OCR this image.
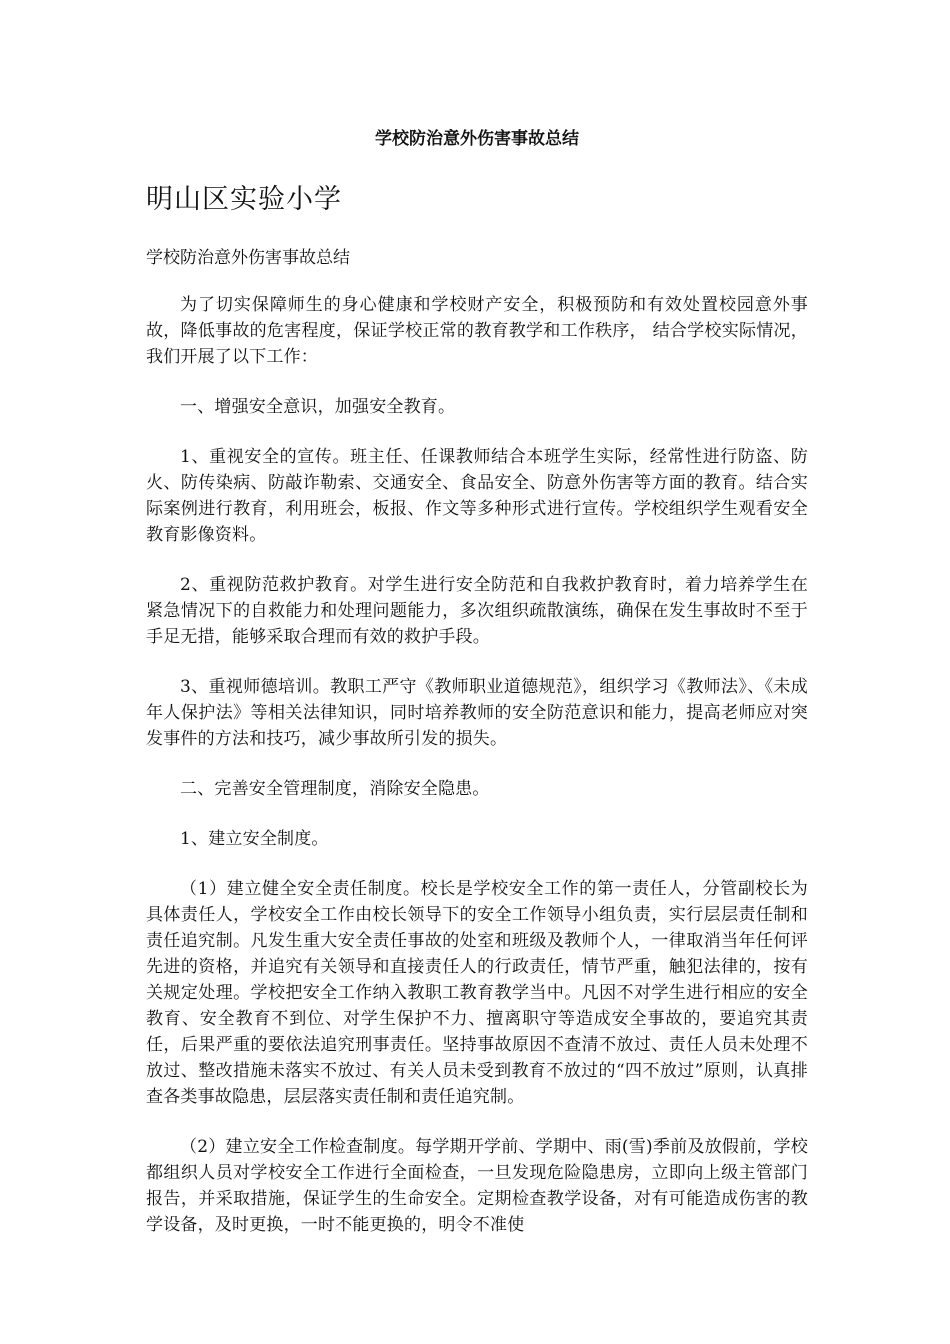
学校防治意外伤害事故总结
明山区实验小学
学校防治意外伤害事故总结

为了切实保障师生的身心健康和学校财产安全，积极预防和有效处置校园意外事故，降低事故的危害程度，保证学校正常的教育教学和工作秩序， 结合学校实际情况，我们开展了以下工作：

一、增强安全意识，加强安全教育。

1、重视安全的宣传。班主任、任课教师结合本班学生实际，经常性进行防盗、防火、防传染病、防敲诈勒索、交通安全、食品安全、防意外伤害等方面的教育。结合实际案例进行教育，利用班会，板报、作文等多种形式进行宣传。学校组织学生观看安全教育影像资料。

2、重视防范救护教育。对学生进行安全防范和自我救护教育时，着力培养学生在紧急情况下的自救能力和处理问题能力，多次组织疏散演练，确保在发生事故时不至于手足无措，能够采取合理而有效的救护手段。

3、重视师德培训。教职工严守《教师职业道德规范》，组织学习《教师法》、《未成年人保护法》等相关法律知识，同时培养教师的安全防范意识和能力，提高老师应对突发事件的方法和技巧，减少事故所引发的损失。

二、完善安全管理制度，消除安全隐患。

1、建立安全制度。

（1）建立健全安全责任制度。校长是学校安全工作的第一责任人，分管副校长为具体责任人，学校安全工作由校长领导下的安全工作领导小组负责，实行层层责任制和责任追究制。凡发生重大安全责任事故的处室和班级及教师个人，一律取消当年任何评先进的资格，并追究有关领导和直接责任人的行政责任，情节严重，触犯法律的，按有关规定处理。学校把安全工作纳入教职工教育教学当中。凡因不对学生进行相应的安全教育、安全教育不到位、对学生保护不力、擅离职守等造成安全事故的，要追究其责任，后果严重的要依法追究刑事责任。坚持事故原因不查清不放过、责任人员未处理不放过、整改措施未落实不放过、有关人员未受到教育不放过的“四不放过”原则，认真排查各类事故隐患，层层落实责任制和责任追究制。

（2）建立安全工作检查制度。每学期开学前、学期中、雨(雪)季前及放假前，学校都组织人员对学校安全工作进行全面检查，一旦发现危险隐患房，立即向上级主管部门报告，并采取措施，保证学生的生命安全。定期检查教学设备，对有可能造成伤害的教学设备，及时更换，一时不能更换的，明令不准使
